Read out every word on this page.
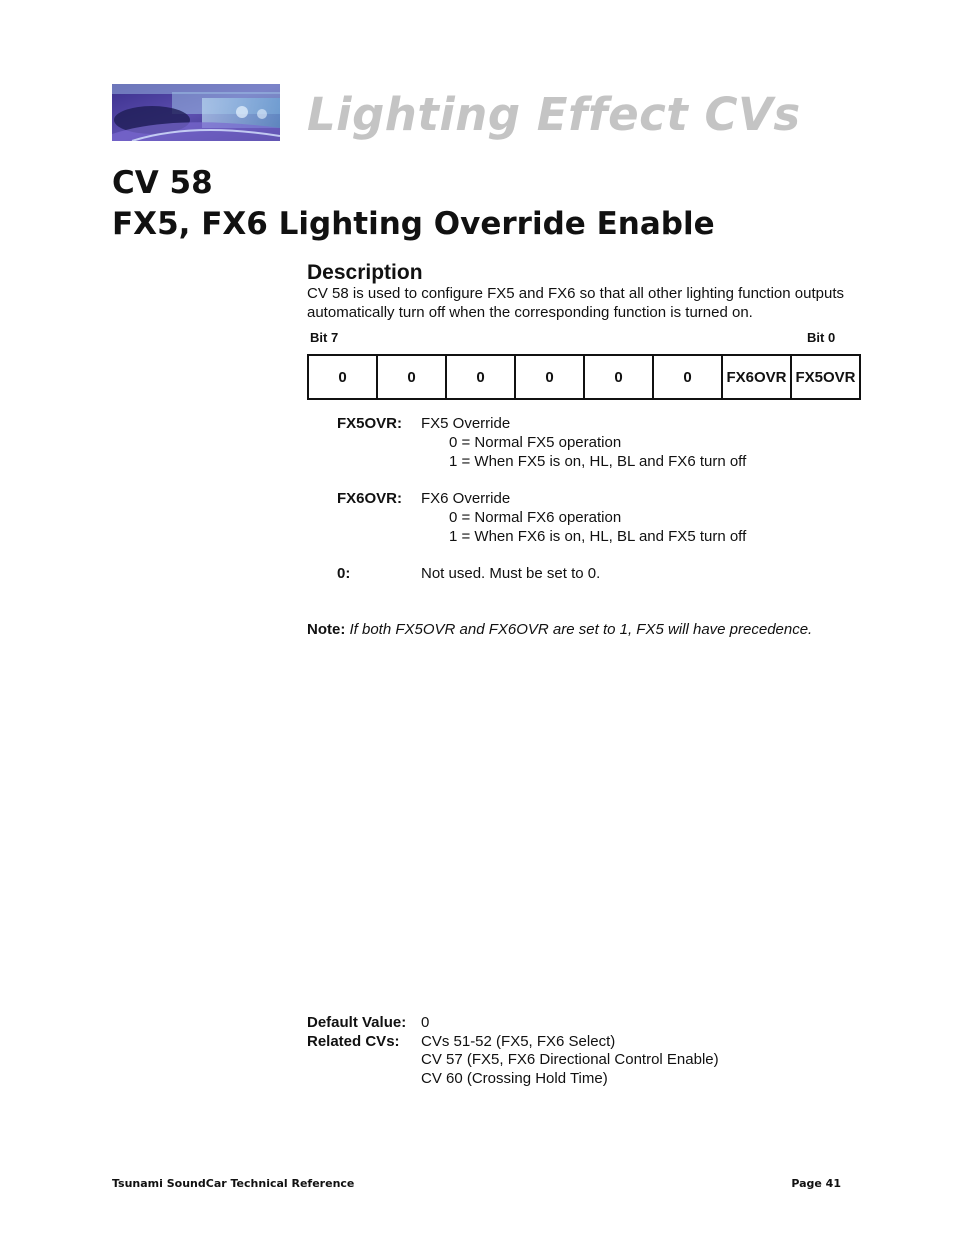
Lighting Effect CVs
CV 58
FX5, FX6 Lighting Override Enable
Description
CV 58 is used to configure FX5 and FX6 so that all other lighting function outputs automatically turn off when the corresponding function is turned on.
Bit 7	Bit 0
0	0	0	0	0	0	FX6OVR	FX5OVR
FX5OVR: FX5 Override
0 = Normal FX5 operation
1 = When FX5 is on, HL, BL and FX6 turn off
FX6OVR: FX6 Override
0 = Normal FX6 operation
1 = When FX6 is on, HL, BL and FX5 turn off
0:	Not used. Must be set to 0.
Note: If both FX5OVR and FX6OVR are set to 1, FX5 will have precedence.
Default Value: 0
Related CVs: CVs 51-52 (FX5, FX6 Select)
CV 57 (FX5, FX6 Directional Control Enable)
CV 60 (Crossing Hold Time)
Tsunami SoundCar Technical Reference	Page 41
